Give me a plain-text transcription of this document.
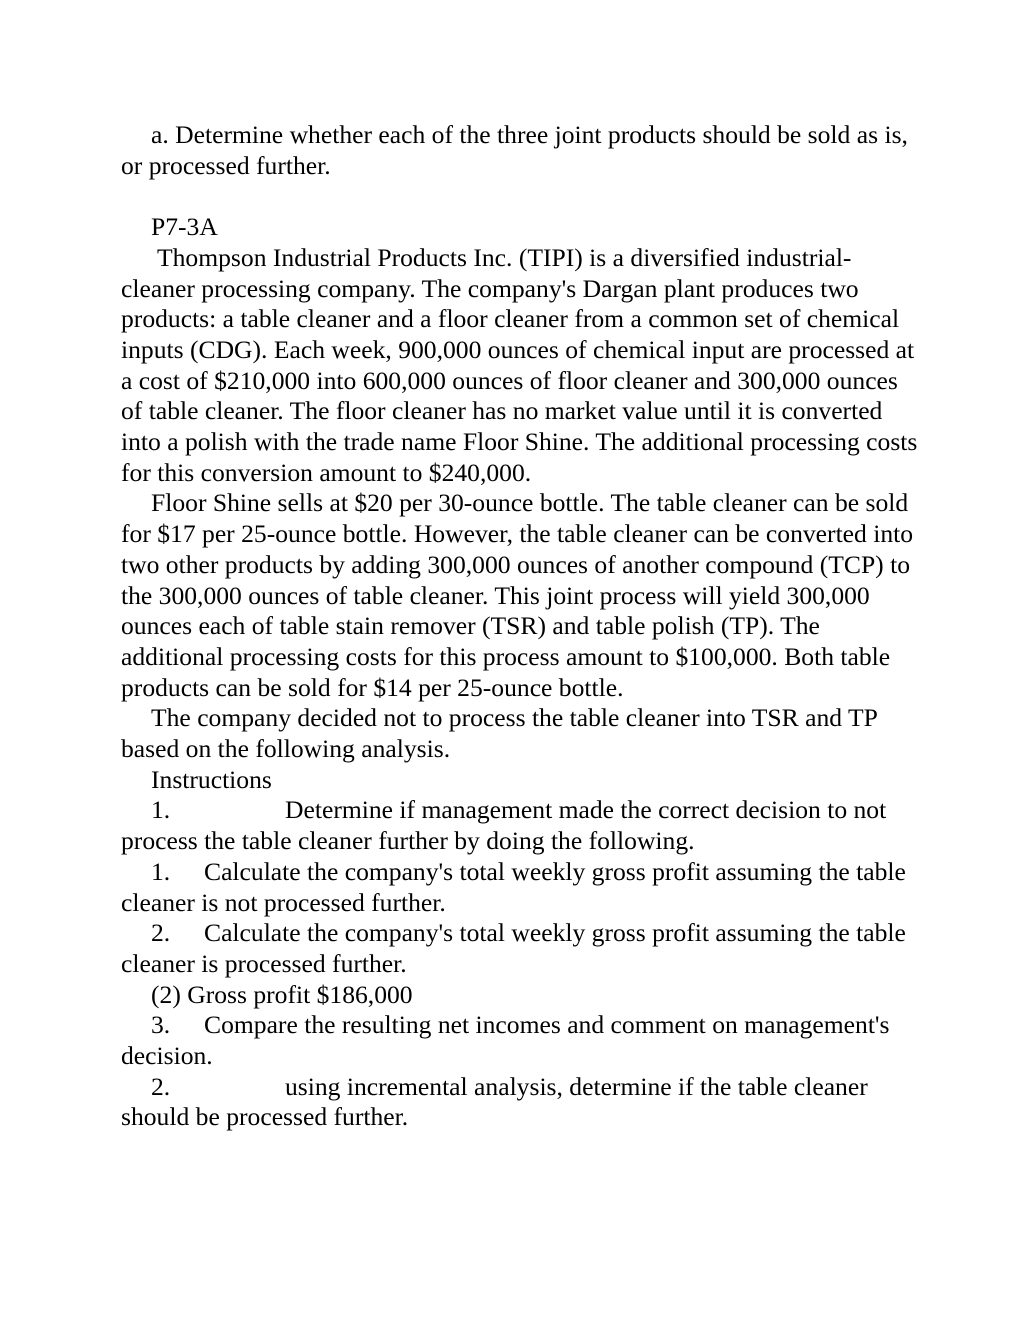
a. Determine whether each of the three joint products should be sold as is, or processed further.

P7-3A

Thompson Industrial Products Inc. (TIPI) is a diversified industrial-cleaner processing company. The company's Dargan plant produces two products: a table cleaner and a floor cleaner from a common set of chemical inputs (CDG). Each week, 900,000 ounces of chemical input are processed at a cost of $210,000 into 600,000 ounces of floor cleaner and 300,000 ounces of table cleaner. The floor cleaner has no market value until it is converted into a polish with the trade name Floor Shine. The additional processing costs for this conversion amount to $240,000.

Floor Shine sells at $20 per 30-ounce bottle. The table cleaner can be sold for $17 per 25-ounce bottle. However, the table cleaner can be converted into two other products by adding 300,000 ounces of another compound (TCP) to the 300,000 ounces of table cleaner. This joint process will yield 300,000 ounces each of table stain remover (TSR) and table polish (TP). The additional processing costs for this process amount to $100,000. Both table products can be sold for $14 per 25-ounce bottle.

The company decided not to process the table cleaner into TSR and TP based on the following analysis.

Instructions

1.	Determine if management made the correct decision to not process the table cleaner further by doing the following.

1. Calculate the company's total weekly gross profit assuming the table cleaner is not processed further.

2. Calculate the company's total weekly gross profit assuming the table cleaner is processed further.

(2) Gross profit $186,000

3. Compare the resulting net incomes and comment on management's decision.

2.	using incremental analysis, determine if the table cleaner should be processed further.
